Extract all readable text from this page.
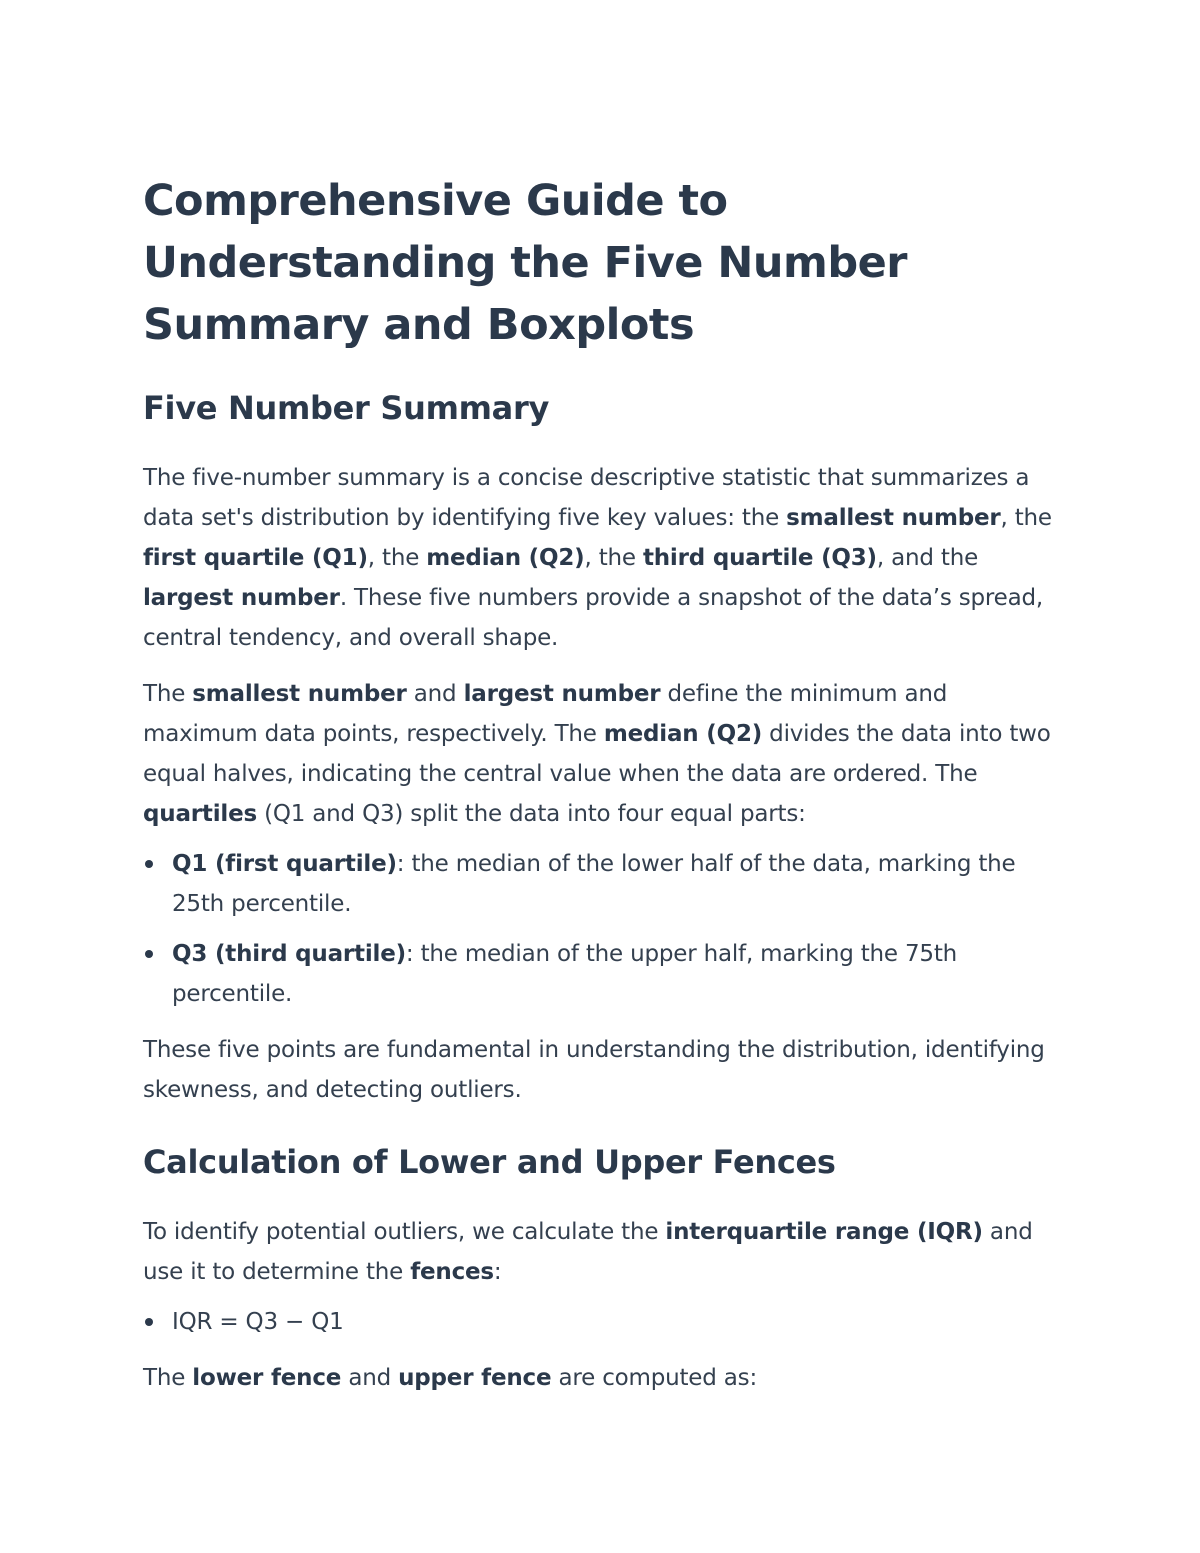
Comprehensive Guide to
Understanding the Five Number
Summary and Boxplots
Five Number Summary

The five-number summary is a concise descriptive statistic that summarizes a data set's distribution by identifying five key values: the smallest number, the first quartile (Q1), the median (Q2), the third quartile (Q3), and the largest number. These five numbers provide a snapshot of the data’s spread, central tendency, and overall shape.

The smallest number and largest number define the minimum and maximum data points, respectively. The median (Q2) divides the data into two equal halves, indicating the central value when the data are ordered. The quartiles (Q1 and Q3) split the data into four equal parts:

Q1 (first quartile): the median of the lower half of the data, marking the 25th percentile.
Q3 (third quartile): the median of the upper half, marking the 75th percentile.

These five points are fundamental in understanding the distribution, identifying skewness, and detecting outliers.

Calculation of Lower and Upper Fences

To identify potential outliers, we calculate the interquartile range (IQR) and use it to determine the fences:

IQR = Q3 − Q1

The lower fence and upper fence are computed as:
